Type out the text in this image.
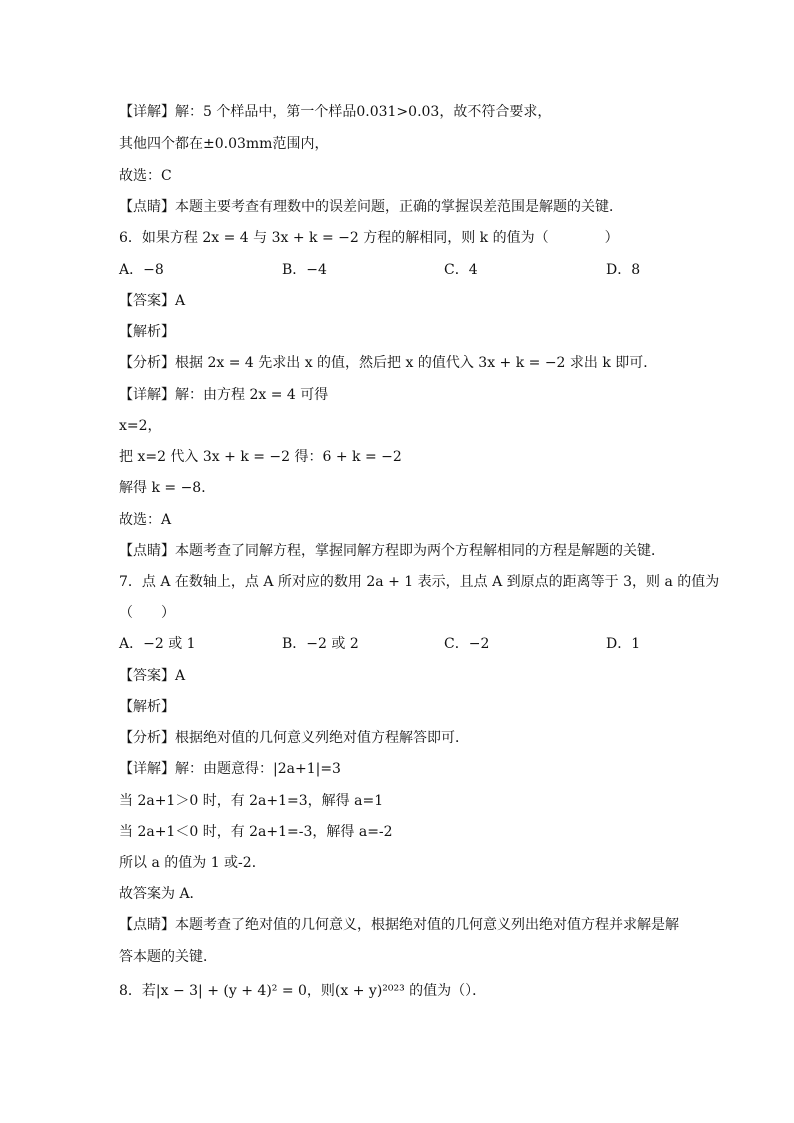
【详解】解：5 个样品中，第一个样品0.031>0.03，故不符合要求，
其他四个都在±0.03mm范围内，
故选：C
【点睛】本题主要考查有理数中的误差问题，正确的掌握误差范围是解题的关键．
6．如果方程 2x = 4 与 3x + k = −2 方程的解相同，则 k 的值为（　　　　）
A．−8	B．−4	C．4	D．8
【答案】A
【解析】
【分析】根据 2x = 4 先求出 x 的值，然后把 x 的值代入 3x + k = −2 求出 k 即可．
【详解】解：由方程 2x = 4 可得
x=2，
把 x=2 代入 3x + k = −2 得：6 + k = −2
解得 k = −8．
故选：A
【点睛】本题考查了同解方程，掌握同解方程即为两个方程解相同的方程是解题的关键．
7．点 A 在数轴上，点 A 所对应的数用 2a + 1 表示，且点 A 到原点的距离等于 3，则 a 的值为
（　　）
A．−2 或 1	B．−2 或 2	C．−2	D．1
【答案】A
【解析】
【分析】根据绝对值的几何意义列绝对值方程解答即可．
【详解】解：由题意得：|2a+1|=3
当 2a+1＞0 时，有 2a+1=3，解得 a=1
当 2a+1＜0 时，有 2a+1=-3，解得 a=-2
所以 a 的值为 1 或-2．
故答案为 A．
【点睛】本题考查了绝对值的几何意义，根据绝对值的几何意义列出绝对值方程并求解是解
答本题的关键．
8．若|x − 3| + (y + 4)² = 0，则(x + y)²⁰²³ 的值为（）．
